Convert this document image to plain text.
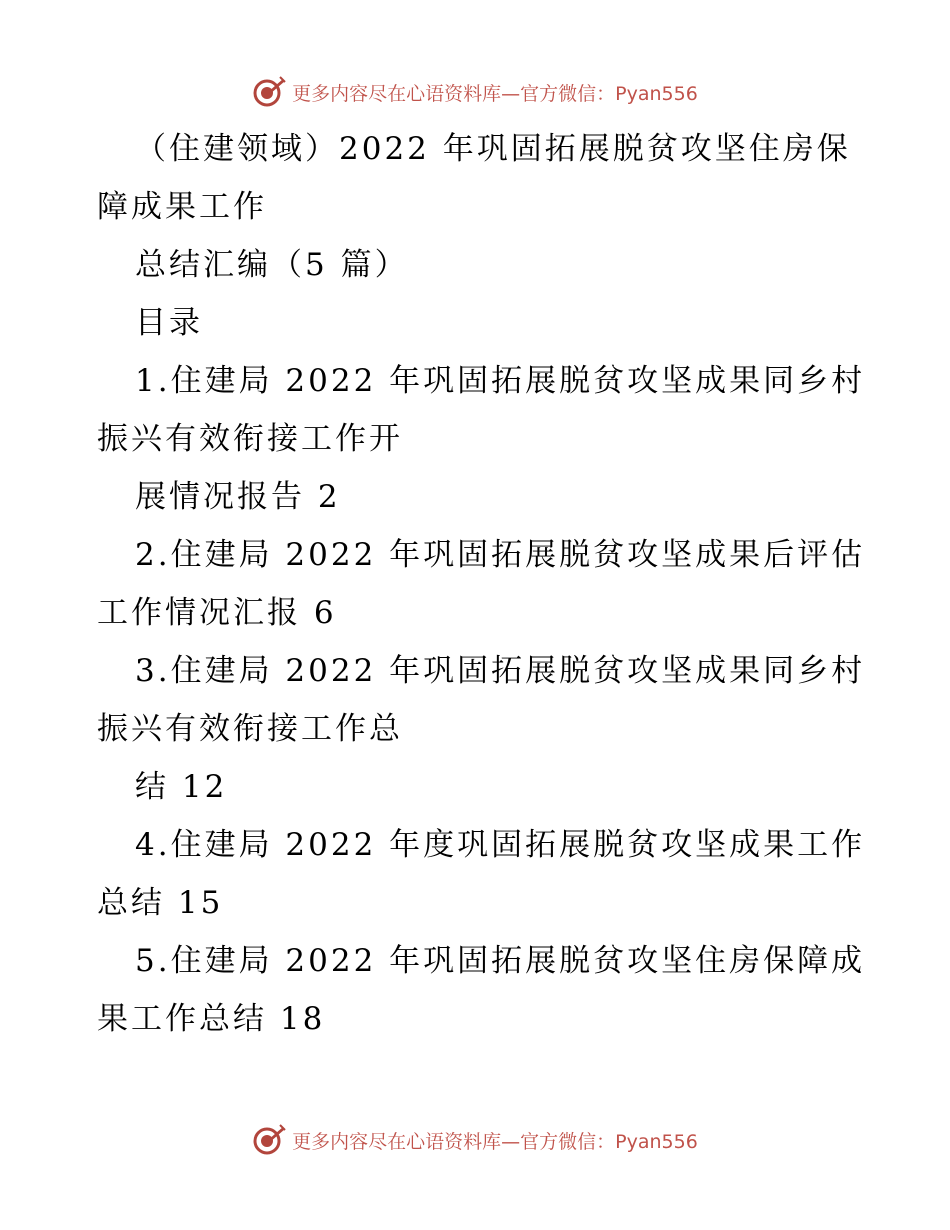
更多内容尽在心语资料库—官方微信：Pyan556
（住建领域）2022 年巩固拓展脱贫攻坚住房保
障成果工作
总结汇编（5 篇）
目录
1.住建局 2022 年巩固拓展脱贫攻坚成果同乡村
振兴有效衔接工作开
展情况报告 2
2.住建局 2022 年巩固拓展脱贫攻坚成果后评估
工作情况汇报 6
3.住建局 2022 年巩固拓展脱贫攻坚成果同乡村
振兴有效衔接工作总
结 12
4.住建局 2022 年度巩固拓展脱贫攻坚成果工作
总结 15
5.住建局 2022 年巩固拓展脱贫攻坚住房保障成
果工作总结 18
更多内容尽在心语资料库—官方微信：Pyan556
